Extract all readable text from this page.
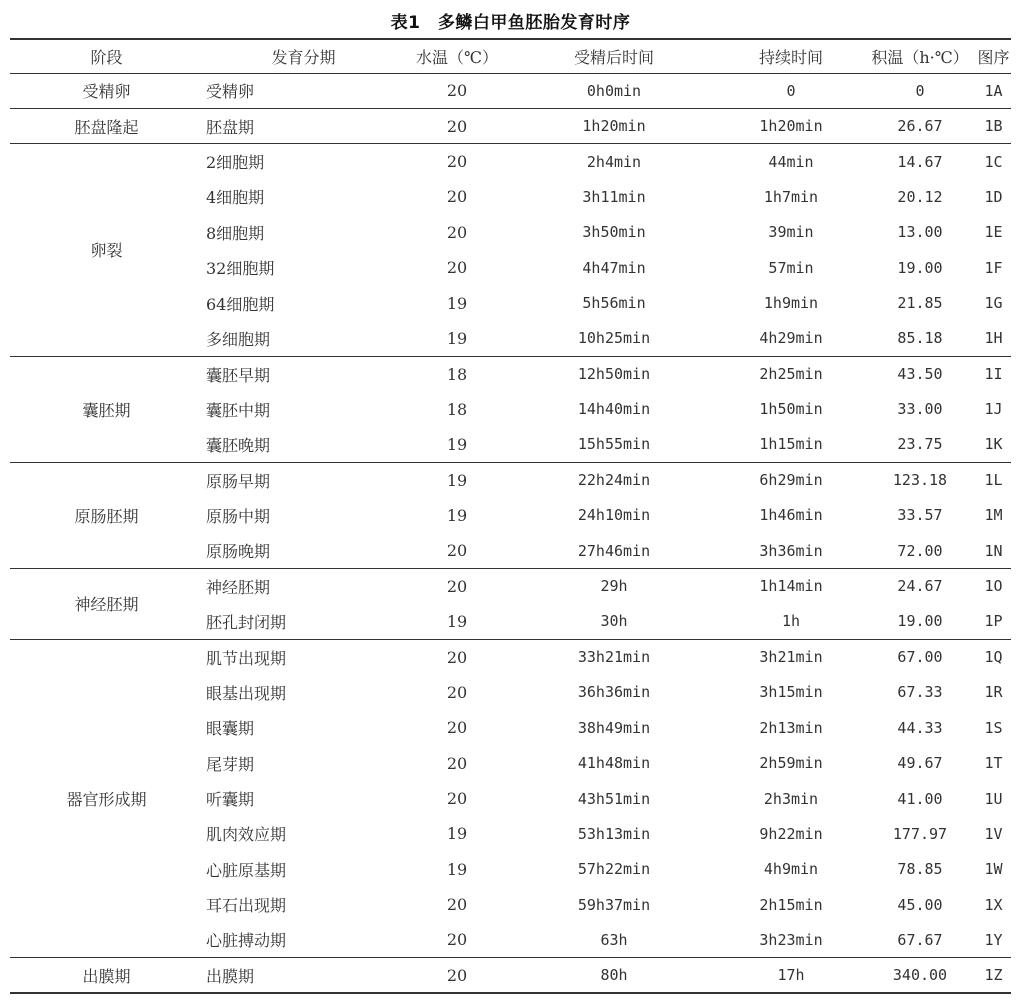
表1　多鳞白甲鱼胚胎发育时序
阶段	发育分期	水温（℃）	受精后时间	持续时间	积温（h·℃）	图序
受精卵	受精卵	20	0h0min	0	0	1A
胚盘隆起	胚盘期	20	1h20min	1h20min	26.67	1B
卵裂	2细胞期	20	2h4min	44min	14.67	1C
	4细胞期	20	3h11min	1h7min	20.12	1D
	8细胞期	20	3h50min	39min	13.00	1E
	32细胞期	20	4h47min	57min	19.00	1F
	64细胞期	19	5h56min	1h9min	21.85	1G
	多细胞期	19	10h25min	4h29min	85.18	1H
囊胚期	囊胚早期	18	12h50min	2h25min	43.50	1I
	囊胚中期	18	14h40min	1h50min	33.00	1J
	囊胚晚期	19	15h55min	1h15min	23.75	1K
原肠胚期	原肠早期	19	22h24min	6h29min	123.18	1L
	原肠中期	19	24h10min	1h46min	33.57	1M
	原肠晚期	20	27h46min	3h36min	72.00	1N
神经胚期	神经胚期	20	29h	1h14min	24.67	1O
	胚孔封闭期	19	30h	1h	19.00	1P
器官形成期	肌节出现期	20	33h21min	3h21min	67.00	1Q
	眼基出现期	20	36h36min	3h15min	67.33	1R
	眼囊期	20	38h49min	2h13min	44.33	1S
	尾芽期	20	41h48min	2h59min	49.67	1T
	听囊期	20	43h51min	2h3min	41.00	1U
	肌肉效应期	19	53h13min	9h22min	177.97	1V
	心脏原基期	19	57h22min	4h9min	78.85	1W
	耳石出现期	20	59h37min	2h15min	45.00	1X
	心脏搏动期	20	63h	3h23min	67.67	1Y
出膜期	出膜期	20	80h	17h	340.00	1Z
